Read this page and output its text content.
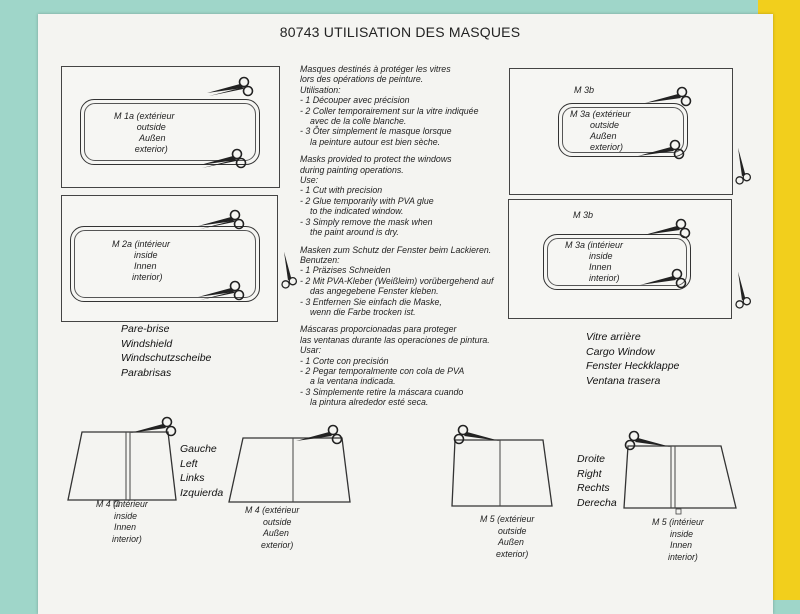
80743 UTILISATION DES MASQUES
M 1a (extérieur
outside
Außen
exterior)
M 2a (intérieur
inside
Innen
interior)
M 3b
M 3a (extérieur
outside
Außen
exterior)
M 3b
M 3a (intérieur
inside
Innen
interior)
Masques destinés à protéger les vitres
lors des opérations de peinture.
Utilisation:
- 1 Découper avec précision
- 2 Coller temporairement sur la vitre indiquée
avec de la colle blanche.
- 3 Ôter simplement le masque lorsque
la peinture autour est bien sèche.
Masks provided to protect the windows
during painting operations.
Use:
- 1 Cut with precision
- 2 Glue temporarily with PVA glue
to the indicated window.
- 3 Simply remove the mask when
the paint around is dry.
Masken zum Schutz der Fenster beim Lackieren.
Benutzen:
- 1 Präzises Schneiden
- 2 Mit PVA-Kleber (Weißleim) vorübergehend auf
das angegebene Fenster kleben.
- 3 Entfernen Sie einfach die Maske,
wenn die Farbe trocken ist.
Máscaras proporcionadas para proteger
las ventanas durante las operaciones de pintura.
Usar:
- 1 Corte con precisión
- 2 Pegar temporalmente con cola de PVA
a la ventana indicada.
- 3 Simplemente retire la máscara cuando
la pintura alrededor esté seca.
Pare-brise
Windshield
Windschutzscheibe
Parabrisas
Vitre arrière
Cargo Window
Fenster Heckklappe
Ventana trasera
Gauche
Left
Links
Izquierda
Droite
Right
Rechts
Derecha
M 4 (intérieur
inside
Innen
interior)
M 4 (extérieur
outside
Außen
exterior)
M 5 (extérieur
outside
Außen
exterior)
M 5 (intérieur
inside
Innen
interior)
